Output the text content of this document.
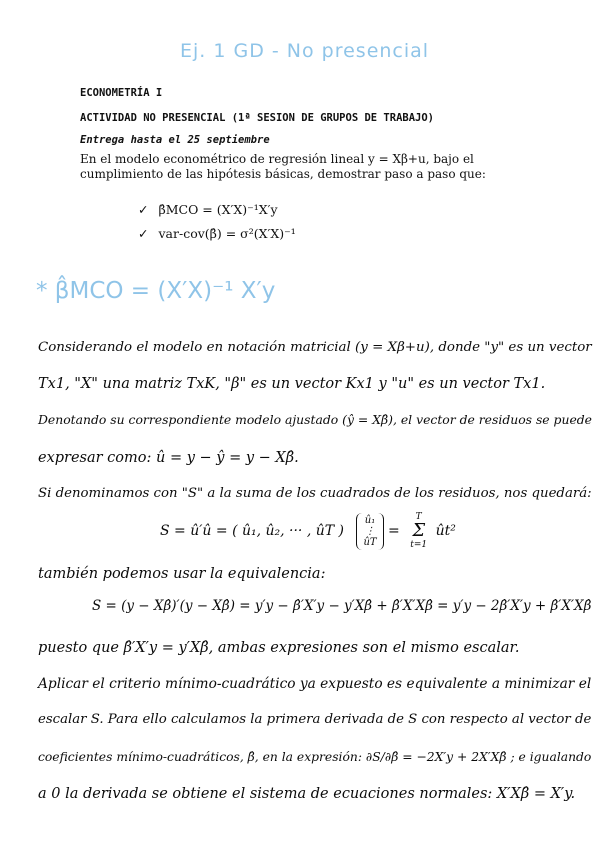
Ej. 1 GD - No presencial
ECONOMETRÍA I
ACTIVIDAD NO PRESENCIAL (1ª SESION DE GRUPOS DE TRABAJO)
Entrega hasta el 25 septiembre
En el modelo econométrico de regresión lineal y = Xβ+u, bajo el cumplimiento de las hipótesis básicas, demostrar paso a paso que:
✓ β̂MCO = (X′X)⁻¹X′y
✓ var-cov(β̂) = σ²(X′X)⁻¹
* β̂MCO = (X′X)⁻¹ X′y
Considerando el modelo en notación matricial (y = Xβ+u), donde "y" es un vector
Tx1, "X" una matriz TxK, "β" es un vector Kx1 y "u" es un vector Tx1.
Denotando su correspondiente modelo ajustado (ŷ = Xβ̂), el vector de residuos se puede
expresar como: û = y − ŷ = y − Xβ̂.
Si denominamos con "S" a la suma de los cuadrados de los residuos, nos quedará:
S = û′û = ( û₁, û₂, ··· , ûT )
û₁
⋮
ûT
=
T
Σ
t=1
ût²
también podemos usar la equivalencia:
S = (y − Xβ̂)′(y − Xβ̂) = y′y − β̂′X′y − y′Xβ̂ + β̂′X′Xβ̂ = y′y − 2β̂′X′y + β̂′X′Xβ̂
puesto que β̂′X′y = y′Xβ̂, ambas expresiones son el mismo escalar.
Aplicar el criterio mínimo-cuadrático ya expuesto es equivalente a minimizar el
escalar S. Para ello calculamos la primera derivada de S con respecto al vector de
coeficientes mínimo-cuadráticos, β̂, en la expresión: ∂S/∂β̂ = −2X′y + 2X′Xβ̂ ; e igualando
a 0 la derivada se obtiene el sistema de ecuaciones normales: X′Xβ̂ = X′y.
